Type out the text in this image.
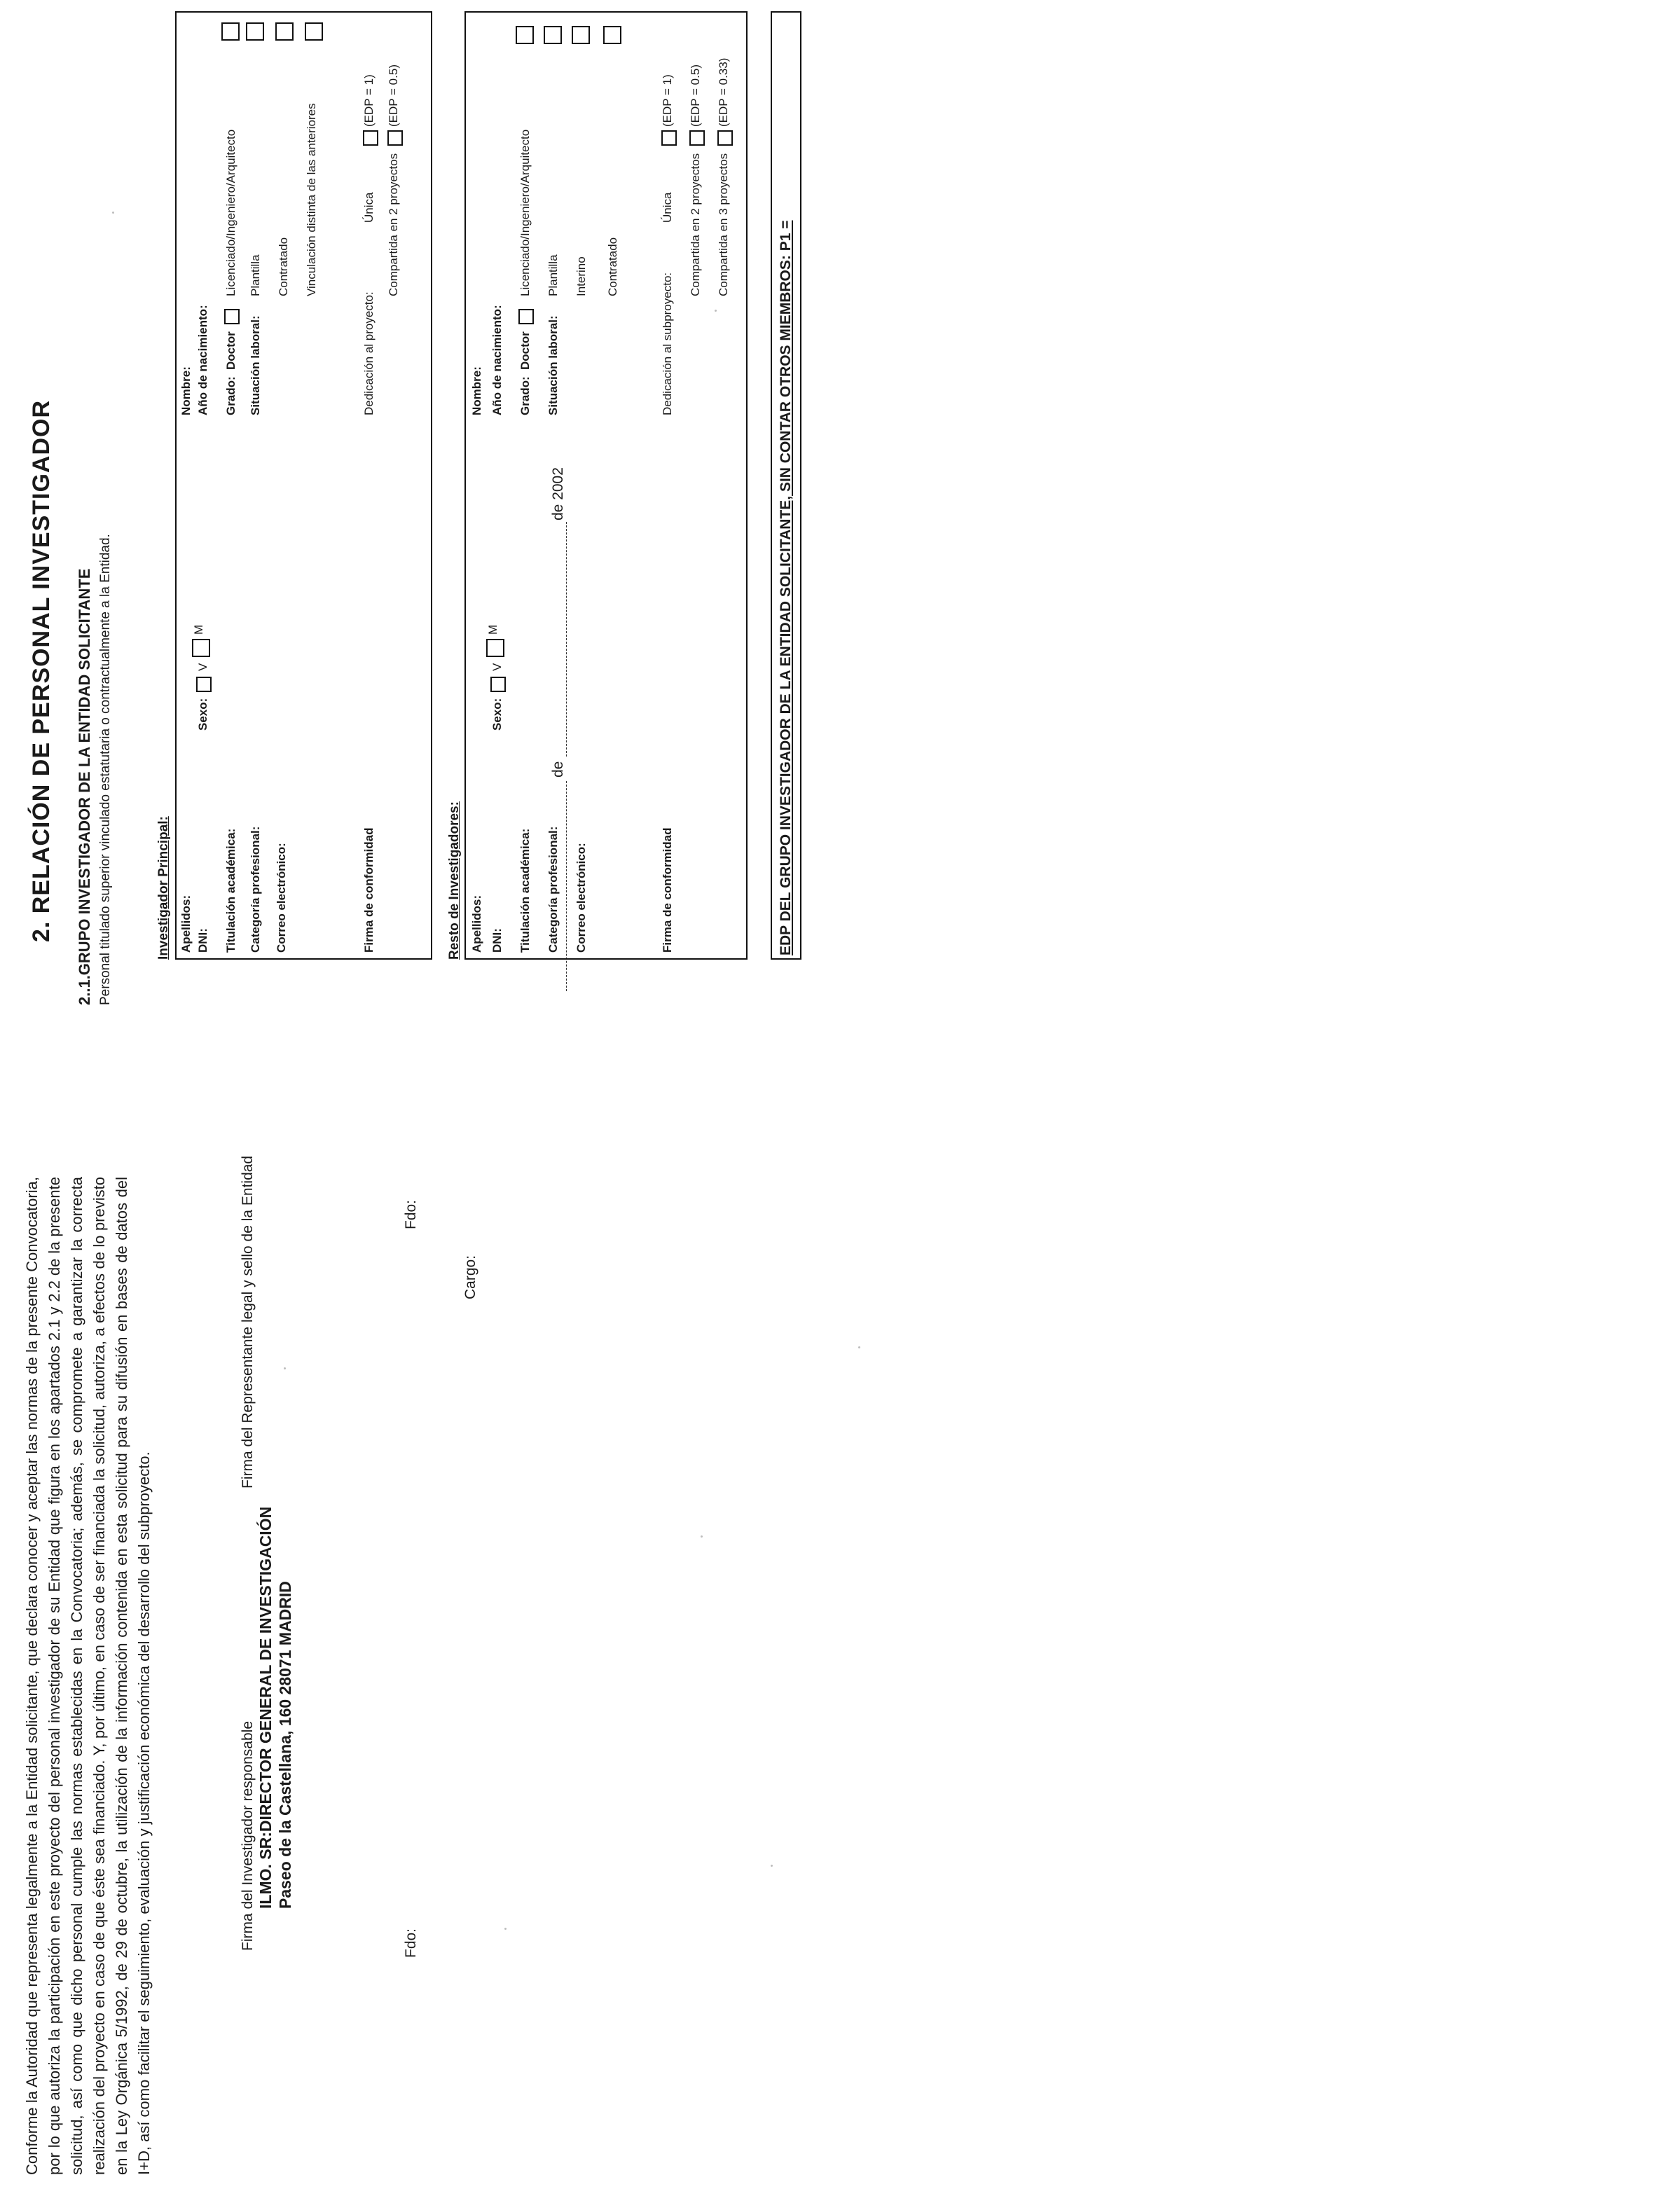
Conforme la Autoridad que representa legalmente a la Entidad solicitante, que declara conocer y aceptar las normas de la presente Convocatoria, por lo que autoriza la participación en este proyecto del personal investigador de su Entidad que figura en los apartados 2.1 y 2.2 de la presente solicitud, así como que dicho personal cumple las normas establecidas en la Convocatoria; además, se compromete a garantizar la correcta realización del proyecto en caso de que éste sea financiado. Y, por último, en caso de ser financiada la solicitud, autoriza, a efectos de lo previsto en la Ley Orgánica 5/1992, de 29 de octubre, la utilización de la información contenida en esta solicitud para su difusión en bases de datos del I+D, así como facilitar el seguimiento, evaluación y justificación económica del desarrollo del subproyecto.	Firma del Investigador responsable
Firma del Representante legal y sello de la Entidad
Fdo:
Fdo:
Cargo:
de
de 2002
ILMO. SR:DIRECTOR GENERAL DE INVESTIGACIÓN Paseo de la Castellana, 160 28071 MADRID
2. RELACIÓN DE PERSONAL INVESTIGADOR 2..1.GRUPO INVESTIGADOR DE LA ENTIDAD SOLICITANTE Personal titulado superior vinculado estatutaria o contractualmente a la Entidad.	Investigador Principal: Apellidos:
Nombre:
DNI:
Sexo:
V
M
Año de nacimiento:
Titulación académica:
Grado:
Doctor
Licenciado/Ingeniero/Arquitecto
Categoría profesional:
Situación laboral:
Plantilla
Correo electrónico:
Contratado Vinculación distinta de las anteriores
Firma de conformidad
Dedicación al proyecto:
Única
(EDP = 1)
Compartida en 2 proyectos
(EDP = 0.5)
Resto de Investigadores: Apellidos:
Nombre:
DNI:
Sexo:
V
M
Año de nacimiento:
Titulación académica:
Grado:
Doctor
Licenciado/Ingeniero/Arquitecto
Categoría profesional:
Situación laboral:
Plantilla
Correo electrónico:
Interino Contratado
Firma de conformidad
Dedicación al subproyecto:
Única
(EDP = 1)
Compartida en 2 proyectos
(EDP = 0.5)
Compartida en 3 proyectos
(EDP = 0.33)
EDP DEL GRUPO INVESTIGADOR DE LA ENTIDAD SOLICITANTE, SIN CONTAR OTROS MIEMBROS: P1 =
